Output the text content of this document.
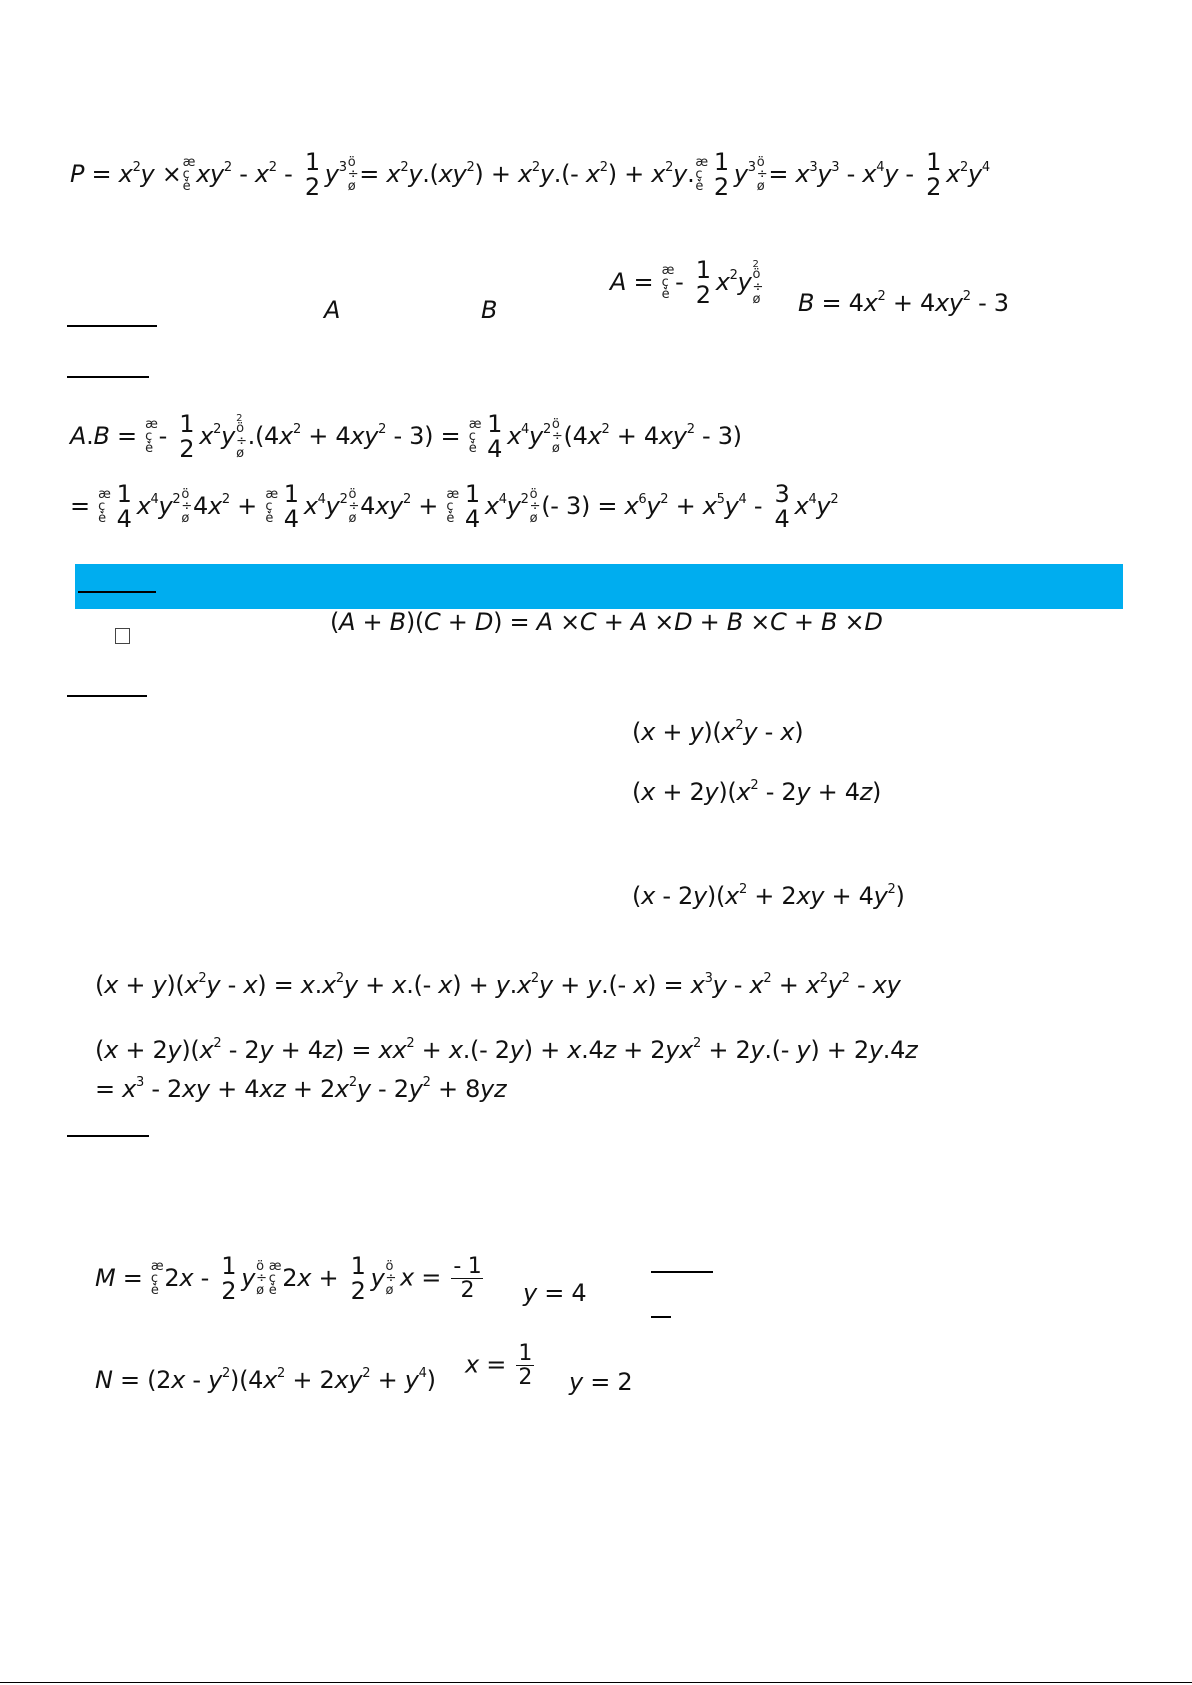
$P = x^2y$ ×æ
ç
è $xy^2 - x^2 - 1$
2 $y^3ö$
÷
ø = $x^2y.(xy^2) + x^2y.(-$ $x^2$) + $x^2y.æ$
ç
è
1
2 $y^3ö$
÷
ø = $x^3y^3 - x^4y - 1$
2 $x^2y^4$
A	B
A = æ
ç
è - 1
2 $x^2y$
2
ö
÷
ø $B = 4x^2 + 4xy^2 - 3$
A.B = æ
ç
è - 1
2 $x^2y$
2
ö
÷
$ø.(4x^2 + 4xy^2 - 3)$ = æ
ç
è
1
4 $x^4y^2ö$
÷
ø $(4x^2 + 4xy^2 - 3)$
= æ
ç
è
1
4 $x^4y^2ö$
÷
ø $4x^2$ + æ
ç
è
1
4 $x^4y^2ö$
÷
ø $4xy^2$ + æ
ç
è
1
4 $x^4y^2ö$
÷
ø (- $3) = x^6y^2 + x^5y^4 - 3$
4 $x^4y^2$
(A + B)(C + D) = A ×C + A ×D + B ×C + B ×D
$(x + y)(x^2y - x)$
$(x + 2y)(x^2 - 2y + 4z)$
$(x - 2y)(x^2 + 2xy + 4y^2)$
$(x + y)(x^2y - x) = x.x^2y + x.(-$ $x) + y.x^2y + y.(-$ $x) = x^3y - x^2 + x^2y^2$ - xy
$(x + 2y)(x^2 - 2y + 4z) = xx^2 + x.(-$ $2y) + x.4z + 2yx^2 + 2y.(-$ y) + 2y.4z
= $x^3 - 2xy + 4xz + 2x^2y - 2y^2 + 8yz$
M = æ
ç
è 2x - 1
2 yö
÷
øæ
ç
è 2x + 1
2 yö
÷
ø $x = \frac{- 1}{2}$ y = 4
$N = (2x - y^2)(4x^2 + 2xy^2 + y^4)$
$x = \frac{1}{2}$ y = 2
